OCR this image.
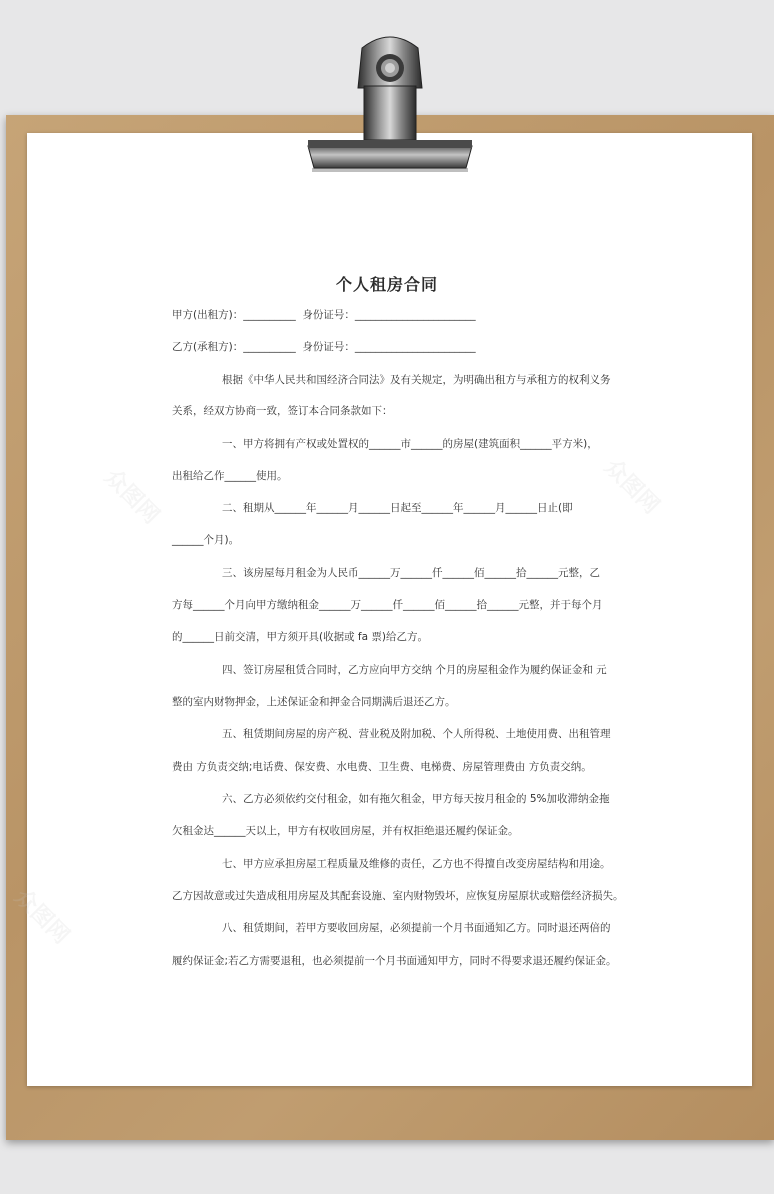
众图网	众图网
众图网
个人租房合同
甲方(出租方)：__________  身份证号：_______________________
乙方(承租方)：__________  身份证号：_______________________
根据《中华人民共和国经济合同法》及有关规定，为明确出租方与承租方的权利义务
关系，经双方协商一致，签订本合同条款如下：
一、甲方将拥有产权或处置权的______市______的房屋(建筑面积______平方米)，
出租给乙作______使用。
二、租期从______年______月______日起至______年______月______日止(即
______个月)。
三、该房屋每月租金为人民币______万______仟______佰______拾______元整，乙
方每______个月向甲方缴纳租金______万______仟______佰______拾______元整，并于每个月
的______日前交清，甲方须开具(收据或 fa 票)给乙方。
四、签订房屋租赁合同时，乙方应向甲方交纳 个月的房屋租金作为履约保证金和 元
整的室内财物押金，上述保证金和押金合同期满后退还乙方。
五、租赁期间房屋的房产税、营业税及附加税、个人所得税、土地使用费、出租管理
费由 方负责交纳;电话费、保安费、水电费、卫生费、电梯费、房屋管理费由 方负责交纳。
六、乙方必须依约交付租金，如有拖欠租金，甲方每天按月租金的 5%加收滞纳金拖
欠租金达______天以上，甲方有权收回房屋，并有权拒绝退还履约保证金。
七、甲方应承担房屋工程质量及维修的责任，乙方也不得擅自改变房屋结构和用途。
乙方因故意或过失造成租用房屋及其配套设施、室内财物毁坏，应恢复房屋原状或赔偿经济损失。
八、租赁期间，若甲方要收回房屋，必须提前一个月书面通知乙方。同时退还两倍的
履约保证金;若乙方需要退租，也必须提前一个月书面通知甲方，同时不得要求退还履约保证金。
